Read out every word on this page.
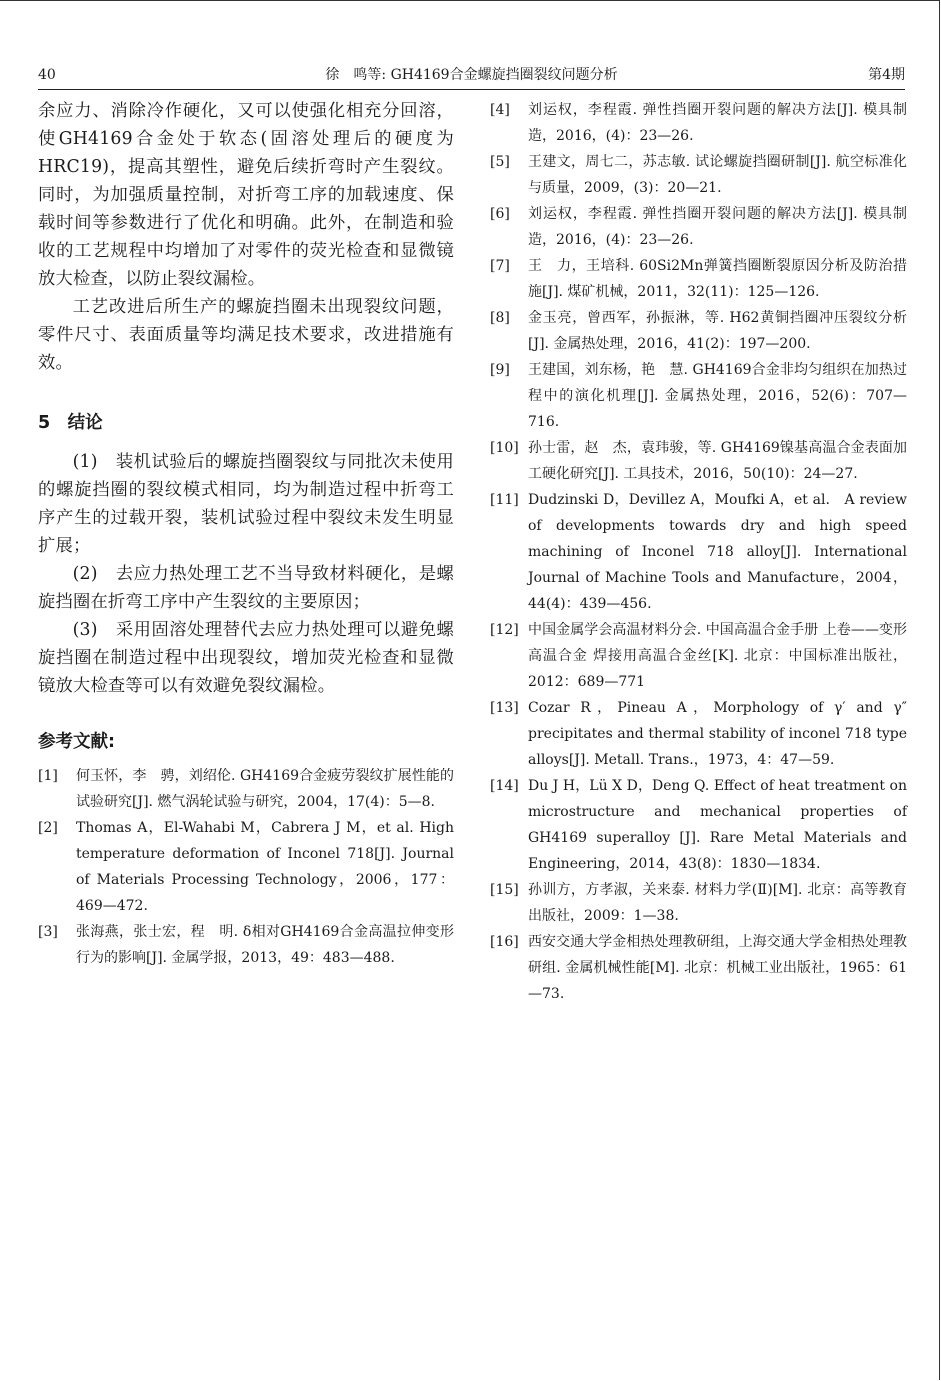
40	徐　鸣等: GH4169合金螺旋挡圈裂纹问题分析	第4期

余应力、消除冷作硬化，又可以使强化相充分回溶，使GH4169合金处于软态(固溶处理后的硬度为HRC19)，提高其塑性，避免后续折弯时产生裂纹。同时，为加强质量控制，对折弯工序的加载速度、保载时间等参数进行了优化和明确。此外，在制造和验收的工艺规程中均增加了对零件的荧光检查和显微镜放大检查，以防止裂纹漏检。

工艺改进后所生产的螺旋挡圈未出现裂纹问题，零件尺寸、表面质量等均满足技术要求，改进措施有效。

5　结论

(1)　装机试验后的螺旋挡圈裂纹与同批次未使用的螺旋挡圈的裂纹模式相同，均为制造过程中折弯工序产生的过载开裂，装机试验过程中裂纹未发生明显扩展；

(2)　去应力热处理工艺不当导致材料硬化，是螺旋挡圈在折弯工序中产生裂纹的主要原因；

(3)　采用固溶处理替代去应力热处理可以避免螺旋挡圈在制造过程中出现裂纹，增加荧光检查和显微镜放大检查等可以有效避免裂纹漏检。

参考文献:
[1] 何玉怀，李　骋，刘绍伦. GH4169合金疲劳裂纹扩展性能的试验研究[J]. 燃气涡轮试验与研究，2004，17(4)：5—8.
[2] Thomas A，El-Wahabi M，Cabrera J M，et al. High temperature deformation of Inconel 718[J]. Journal of Materials Processing Technology，2006，177：469—472.
[3] 张海燕，张士宏，程　明. δ相对GH4169合金高温拉伸变形行为的影响[J]. 金属学报，2013，49：483—488.
[4] 刘运权，李程霞. 弹性挡圈开裂问题的解决方法[J]. 模具制造，2016，(4)：23—26.
[5] 王建文，周七二，苏志敏. 试论螺旋挡圈研制[J]. 航空标准化与质量，2009，(3)：20—21.
[6] 刘运权，李程霞. 弹性挡圈开裂问题的解决方法[J]. 模具制造，2016，(4)：23—26.
[7] 王　力，王培科. 60Si2Mn弹簧挡圈断裂原因分析及防治措施[J]. 煤矿机械，2011，32(11)：125—126.
[8] 金玉亮，曾西军，孙振淋，等. H62黄铜挡圈冲压裂纹分析[J]. 金属热处理，2016，41(2)：197—200.
[9] 王建国，刘东杨，艳　慧. GH4169合金非均匀组织在加热过程中的演化机理[J]. 金属热处理，2016，52(6)：707—716.
[10] 孙士雷，赵　杰，袁玮骏，等. GH4169镍基高温合金表面加工硬化研究[J]. 工具技术，2016，50(10)：24—27.
[11] Dudzinski D，Devillez A，Moufki A，et al.　A review of developments towards dry and high speed machining of Inconel 718 alloy[J]. International Journal of Machine Tools and Manufacture，2004，44(4)：439—456.
[12] 中国金属学会高温材料分会. 中国高温合金手册 上卷——变形高温合金 焊接用高温合金丝[K]. 北京：中国标准出版社，2012：689—771
[13] Cozar R，Pineau A，Morphology of γ′ and γ″ precipitates and thermal stability of inconel 718 type alloys[J]. Metall. Trans.，1973，4：47—59.
[14] Du J H，Lü X D，Deng Q. Effect of heat treatment on microstructure and mechanical properties of GH4169 superalloy [J]. Rare Metal Materials and Engineering，2014，43(8)：1830—1834.
[15] 孙训方，方孝淑，关来泰. 材料力学(Ⅱ)[M]. 北京：高等教育出版社，2009：1—38.
[16] 西安交通大学金相热处理教研组，上海交通大学金相热处理教研组. 金属机械性能[M]. 北京：机械工业出版社，1965：61—73.
